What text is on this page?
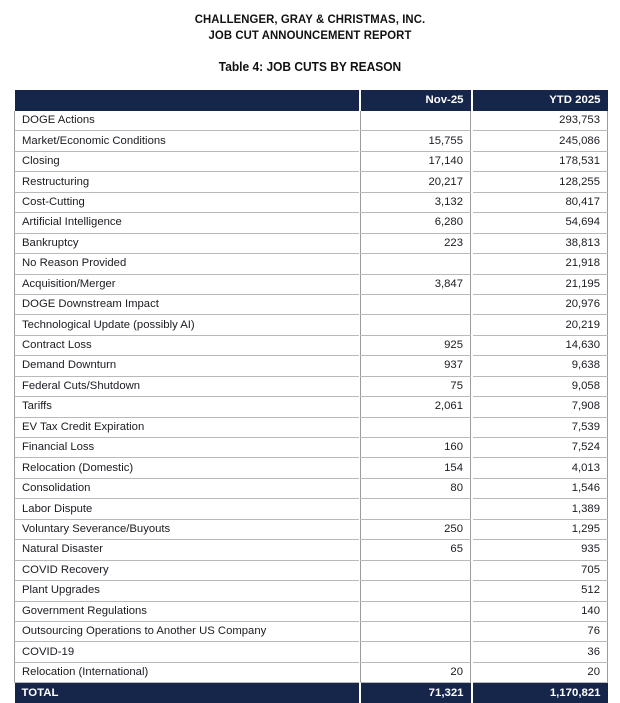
CHALLENGER, GRAY & CHRISTMAS, INC.
JOB CUT ANNOUNCEMENT REPORT
Table 4: JOB CUTS BY REASON
		Nov-25		YTD 2025
DOGE Actions				293,753
Market/Economic Conditions		15,755		245,086
Closing		17,140		178,531
Restructuring		20,217		128,255
Cost-Cutting		3,132		80,417
Artificial Intelligence		6,280		54,694
Bankruptcy		223		38,813
No Reason Provided				21,918
Acquisition/Merger		3,847		21,195
DOGE Downstream Impact				20,976
Technological Update (possibly AI)				20,219
Contract Loss		925		14,630
Demand Downturn		937		9,638
Federal Cuts/Shutdown		75		9,058
Tariffs		2,061		7,908
EV Tax Credit Expiration				7,539
Financial Loss		160		7,524
Relocation (Domestic)		154		4,013
Consolidation		80		1,546
Labor Dispute				1,389
Voluntary Severance/Buyouts		250		1,295
Natural Disaster		65		935
COVID Recovery				705
Plant Upgrades				512
Government Regulations				140
Outsourcing Operations to Another US Company				76
COVID-19				36
Relocation (International)		20		20
TOTAL		71,321		1,170,821
